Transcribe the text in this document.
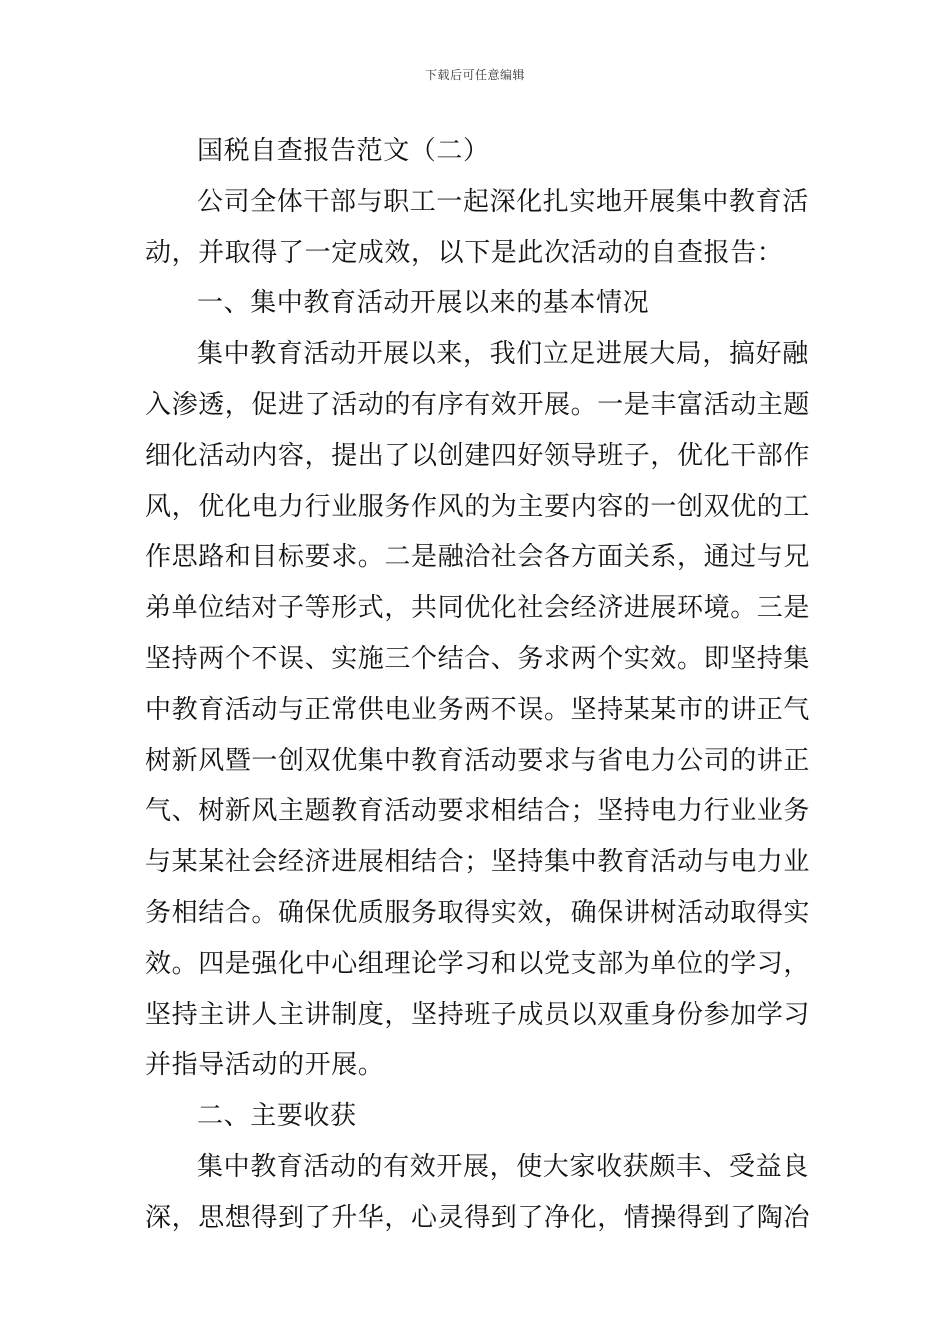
下载后可任意编辑
国税自查报告范文（二）
公司全体干部与职工一起深化扎实地开展集中教育活
动，并取得了一定成效，以下是此次活动的自查报告：
一、集中教育活动开展以来的基本情况
集中教育活动开展以来，我们立足进展大局，搞好融
入渗透，促进了活动的有序有效开展。一是丰富活动主题
细化活动内容，提出了以创建四好领导班子，优化干部作
风，优化电力行业服务作风的为主要内容的一创双优的工
作思路和目标要求。二是融洽社会各方面关系，通过与兄
弟单位结对子等形式，共同优化社会经济进展环境。三是
坚持两个不误、实施三个结合、务求两个实效。即坚持集
中教育活动与正常供电业务两不误。坚持某某市的讲正气
树新风暨一创双优集中教育活动要求与省电力公司的讲正
气、树新风主题教育活动要求相结合；坚持电力行业业务
与某某社会经济进展相结合；坚持集中教育活动与电力业
务相结合。确保优质服务取得实效，确保讲树活动取得实
效。四是强化中心组理论学习和以党支部为单位的学习，
坚持主讲人主讲制度，坚持班子成员以双重身份参加学习
并指导活动的开展。
二、主要收获
集中教育活动的有效开展，使大家收获颇丰、受益良
深，思想得到了升华，心灵得到了净化，情操得到了陶冶
